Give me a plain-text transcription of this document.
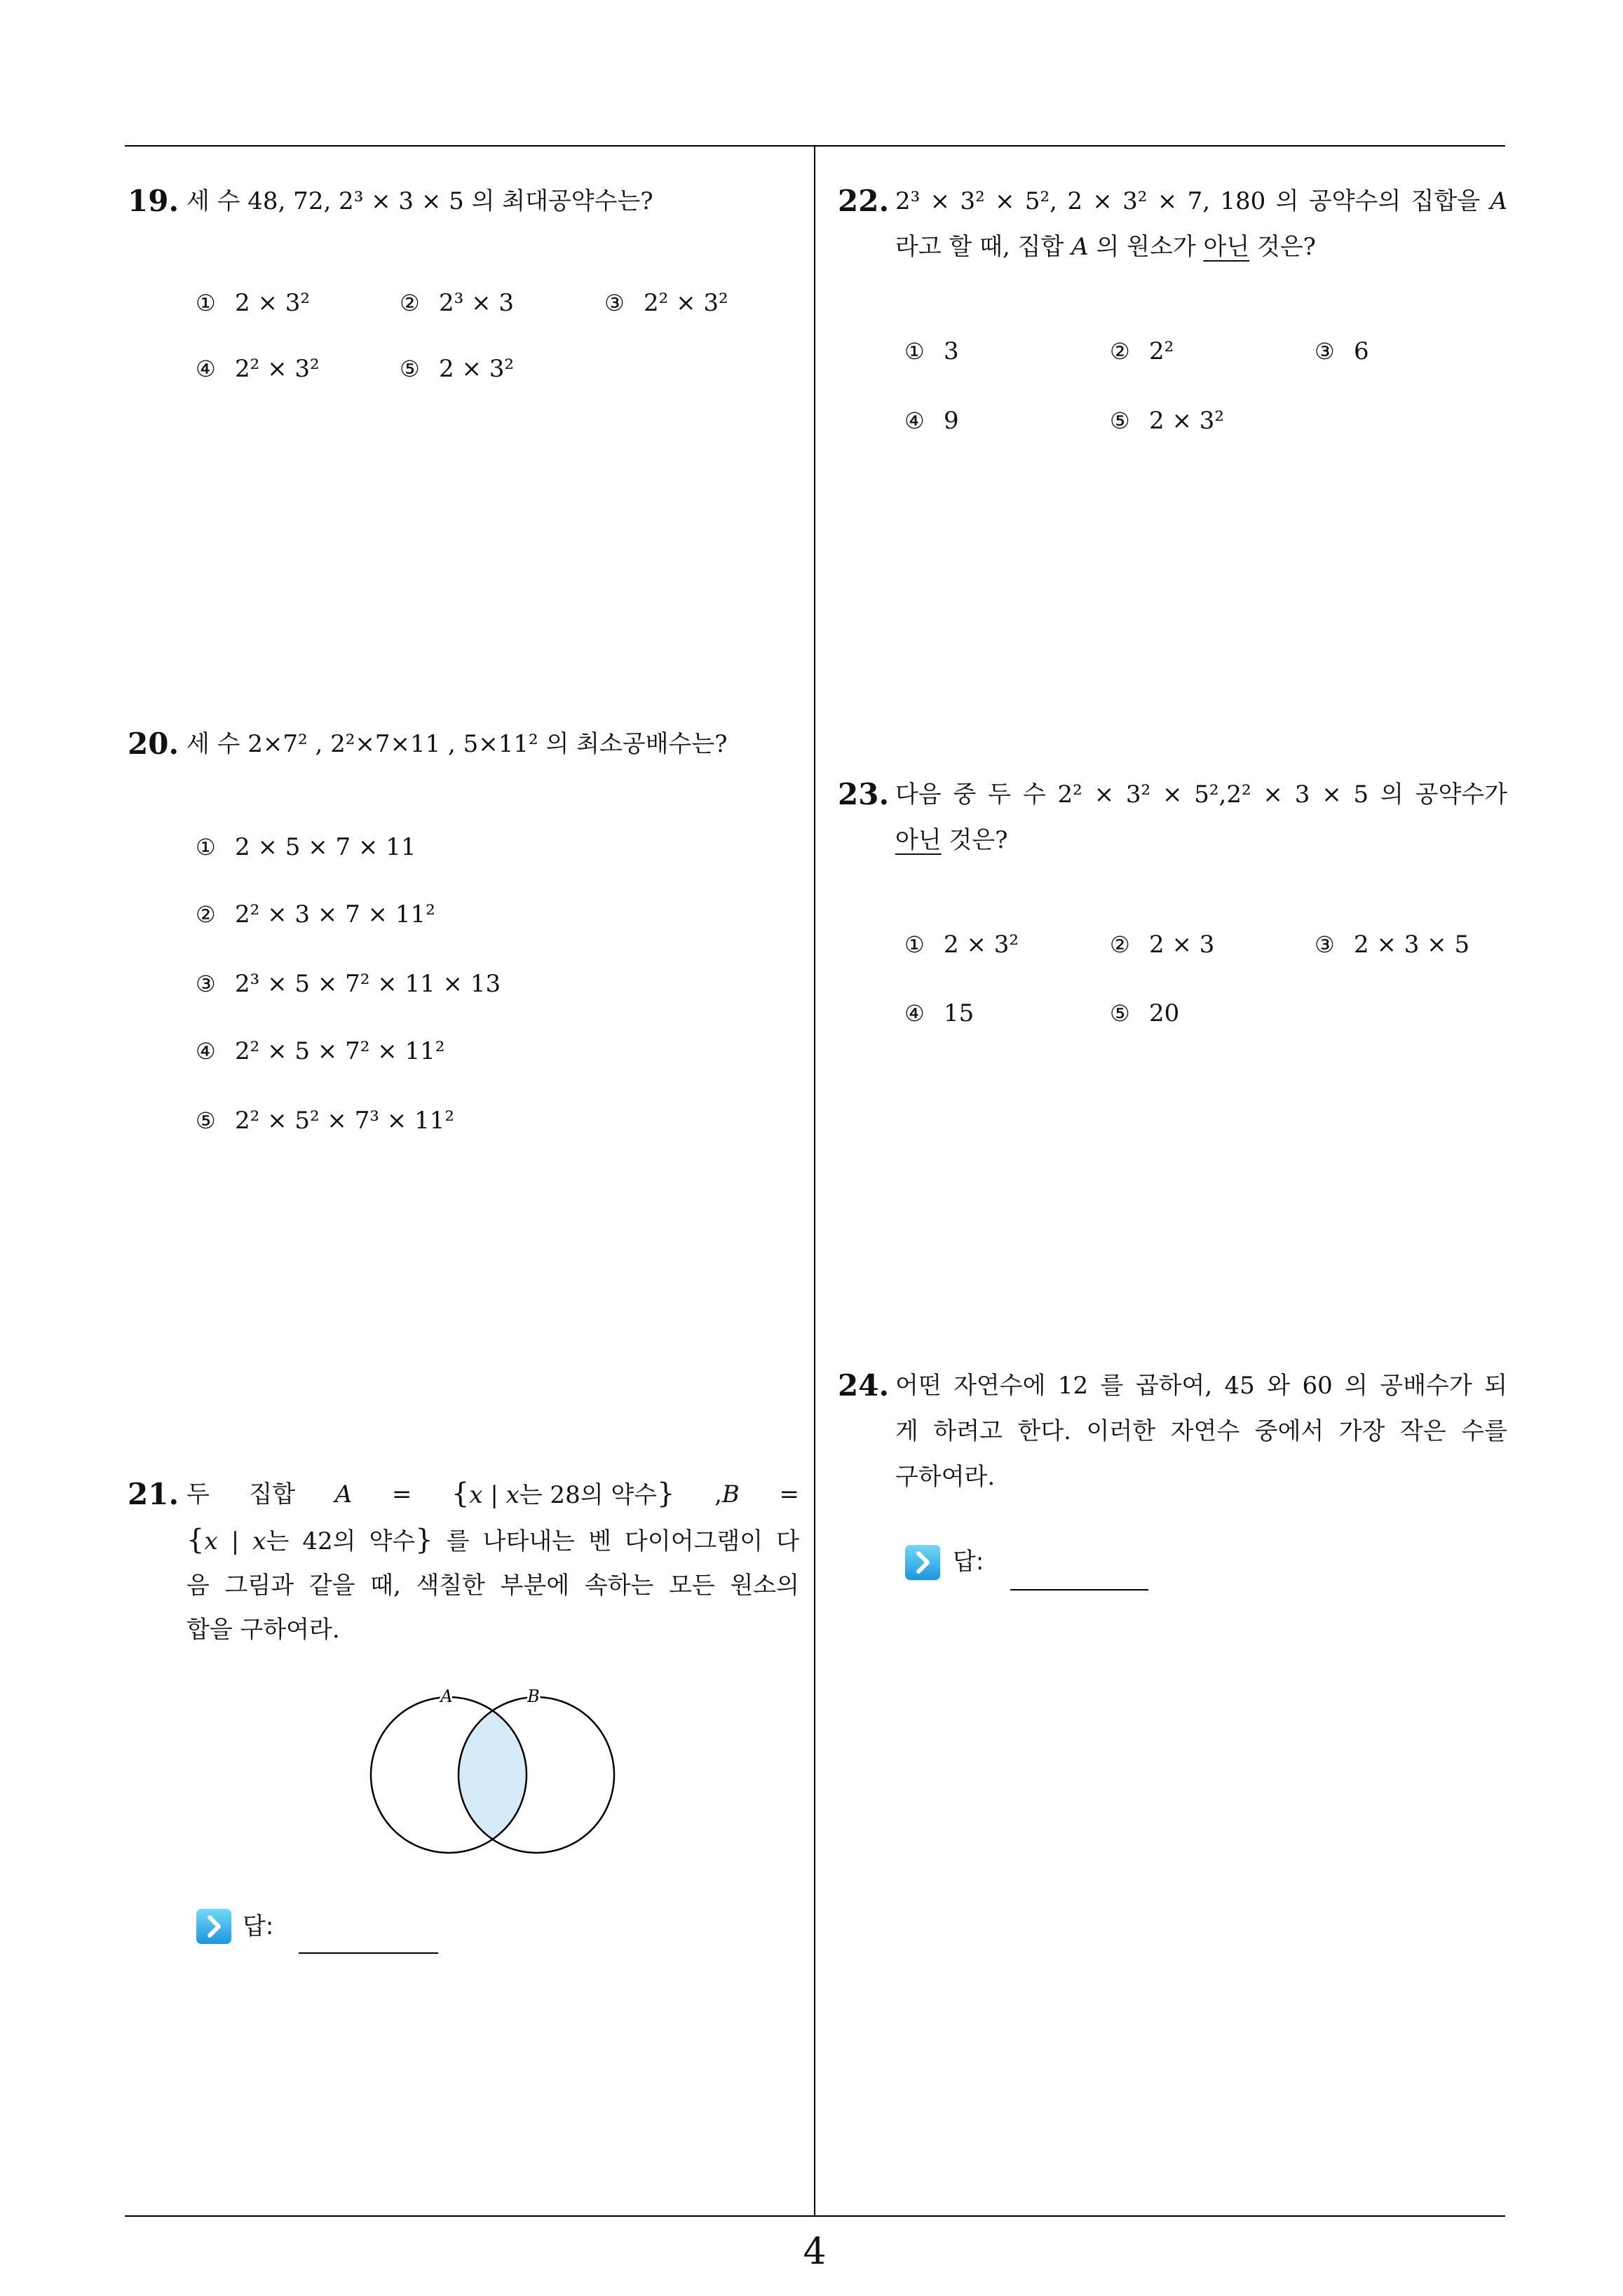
19. 세 수 48, 72, 2³ × 3 × 5 의 최대공약수는?
① 2 × 3²	② 2³ × 3	③ 2² × 3²
④ 2² × 3²	⑤ 2 × 3²
20. 세 수 2×7² , 2²×7×11 , 5×11² 의 최소공배수는?
① 2 × 5 × 7 × 11
② 2² × 3 × 7 × 11²
③ 2³ × 5 × 7² × 11 × 13
④ 2² × 5 × 7² × 11²
⑤ 2² × 5² × 7³ × 11²
21. 두 집합 A = {x | x는 28의 약수} ,B =
{x | x는 42의 약수} 를 나타내는 벤 다이어그램이 다
음 그림과 같을 때, 색칠한 부분에 속하는 모든 원소의
합을 구하여라.
A	B
답:
22. 2³ × 3² × 5², 2 × 3² × 7, 180 의 공약수의 집합을 A
라고 할 때, 집합 A 의 원소가 아닌 것은?
① 3	② 2²	③ 6
④ 9	⑤ 2 × 3²
23. 다음 중 두 수 2² × 3² × 5²,2² × 3 × 5 의 공약수가
아닌 것은?
① 2 × 3²	② 2 × 3	③ 2 × 3 × 5
④ 15	⑤ 20
24. 어떤 자연수에 12 를 곱하여, 45 와 60 의 공배수가 되
게 하려고 한다. 이러한 자연수 중에서 가장 작은 수를
구하여라.
답:
4
